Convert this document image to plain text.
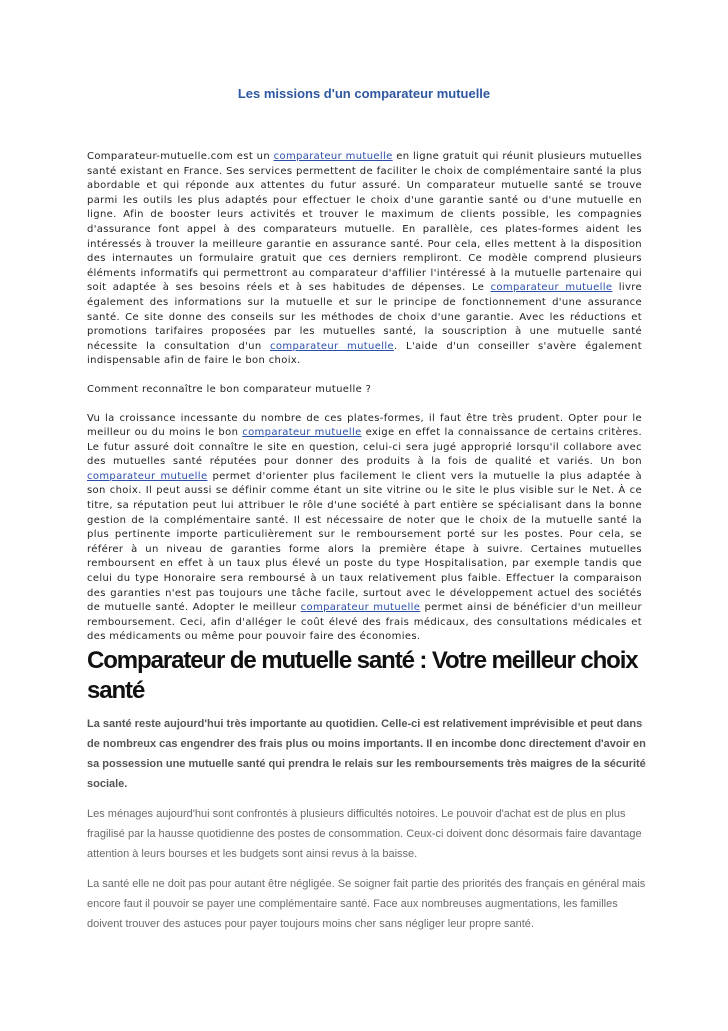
Les missions d'un comparateur mutuelle

Comparateur-mutuelle.com est un comparateur mutuelle en ligne gratuit qui réunit plusieurs mutuelles santé existant en France. Ses services permettent de faciliter le choix de complémentaire santé la plus abordable et qui réponde aux attentes du futur assuré. Un comparateur mutuelle santé se trouve parmi les outils les plus adaptés pour effectuer le choix d'une garantie santé ou d'une mutuelle en ligne. Afin de booster leurs activités et trouver le maximum de clients possible, les compagnies d'assurance font appel à des comparateurs mutuelle. En parallèle, ces plates-formes aident les intéressés à trouver la meilleure garantie en assurance santé. Pour cela, elles mettent à la disposition des internautes un formulaire gratuit que ces derniers rempliront. Ce modèle comprend plusieurs éléments informatifs qui permettront au comparateur d'affilier l'intéressé à la mutuelle partenaire qui soit adaptée à ses besoins réels et à ses habitudes de dépenses. Le comparateur mutuelle livre également des informations sur la mutuelle et sur le principe de fonctionnement d'une assurance santé. Ce site donne des conseils sur les méthodes de choix d'une garantie. Avec les réductions et promotions tarifaires proposées par les mutuelles santé, la souscription à une mutuelle santé nécessite la consultation d'un comparateur mutuelle. L'aide d'un conseiller s'avère également indispensable afin de faire le bon choix.

Comment reconnaître le bon comparateur mutuelle ?

Vu la croissance incessante du nombre de ces plates-formes, il faut être très prudent. Opter pour le meilleur ou du moins le bon comparateur mutuelle exige en effet la connaissance de certains critères. Le futur assuré doit connaître le site en question, celui-ci sera jugé approprié lorsqu'il collabore avec des mutuelles santé réputées pour donner des produits à la fois de qualité et variés. Un bon comparateur mutuelle permet d'orienter plus facilement le client vers la mutuelle la plus adaptée à son choix. Il peut aussi se définir comme étant un site vitrine ou le site le plus visible sur le Net. À ce titre, sa réputation peut lui attribuer le rôle d'une société à part entière se spécialisant dans la bonne gestion de la complémentaire santé. Il est nécessaire de noter que le choix de la mutuelle santé la plus pertinente importe particulièrement sur le remboursement porté sur les postes. Pour cela, se référer à un niveau de garanties forme alors la première étape à suivre. Certaines mutuelles remboursent en effet à un taux plus élevé un poste du type Hospitalisation, par exemple tandis que celui du type Honoraire sera remboursé à un taux relativement plus faible. Effectuer la comparaison des garanties n'est pas toujours une tâche facile, surtout avec le développement actuel des sociétés de mutuelle santé. Adopter le meilleur comparateur mutuelle permet ainsi de bénéficier d'un meilleur remboursement. Ceci, afin d'alléger le coût élevé des frais médicaux, des consultations médicales et des médicaments ou même pour pouvoir faire des économies.

Comparateur de mutuelle santé : Votre meilleur choix santé

La santé reste aujourd'hui très importante au quotidien. Celle-ci est relativement imprévisible et peut dans de nombreux cas engendrer des frais plus ou moins importants. Il en incombe donc directement d'avoir en sa possession une mutuelle santé qui prendra le relais sur les remboursements très maigres de la sécurité sociale.

Les ménages aujourd'hui sont confrontés à plusieurs difficultés notoires. Le pouvoir d'achat est de plus en plus fragilisé par la hausse quotidienne des postes de consommation. Ceux-ci doivent donc désormais faire davantage attention à leurs bourses et les budgets sont ainsi revus à la baisse.

La santé elle ne doit pas pour autant être négligée. Se soigner fait partie des priorités des français en général mais encore faut il pouvoir se payer une complémentaire santé. Face aux nombreuses augmentations, les familles doivent trouver des astuces pour payer toujours moins cher sans négliger leur propre santé.
